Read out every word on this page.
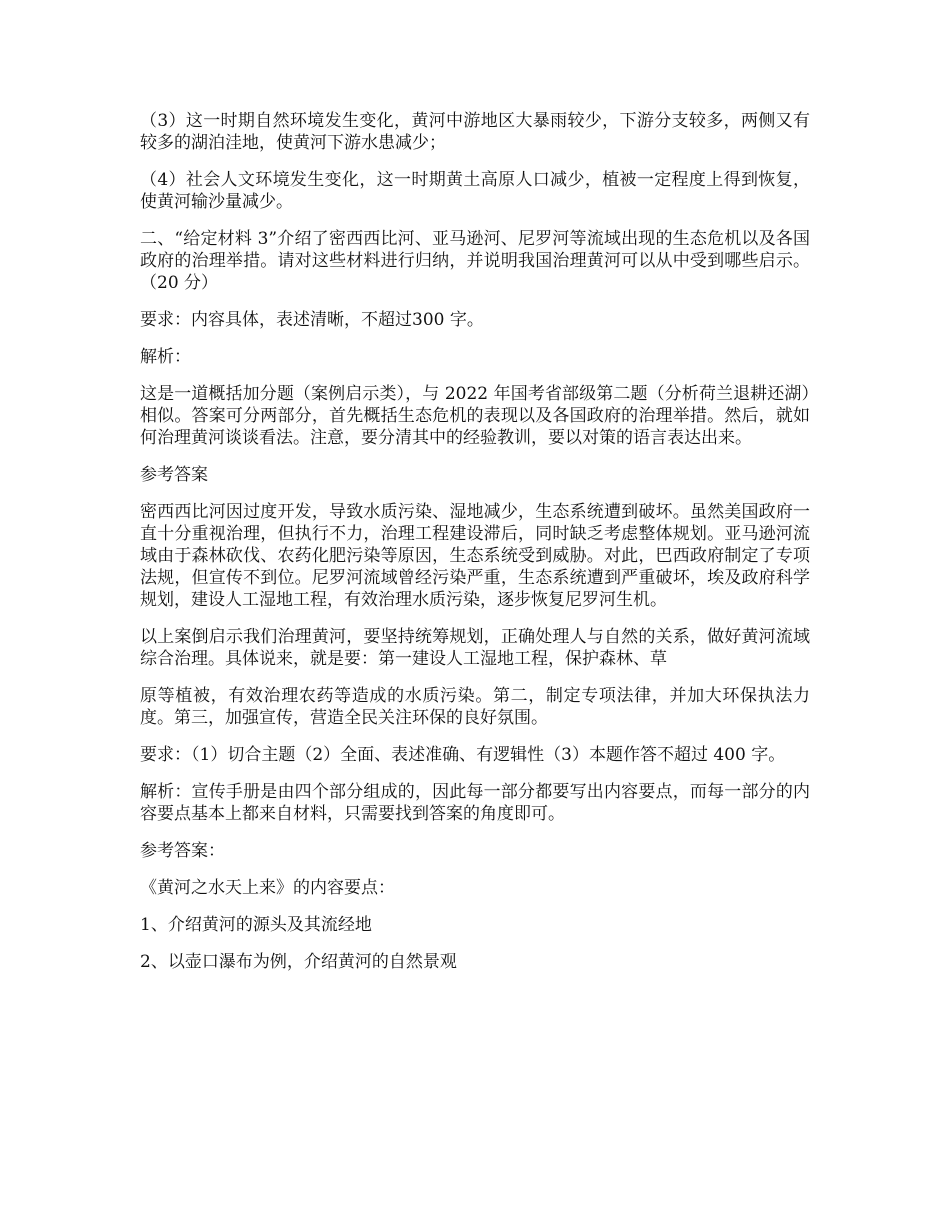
（3）这一时期自然环境发生变化，黄河中游地区大暴雨较少，下游分支较多，两侧又有较多的湖泊洼地，使黄河下游水患减少；

（4）社会人文环境发生变化，这一时期黄土高原人口减少，植被一定程度上得到恢复，使黄河输沙量减少。

二、“给定材料 3”介绍了密西西比河、亚马逊河、尼罗河等流域出现的生态危机以及各国政府的治理举措。请对这些材料进行归纳，并说明我国治理黄河可以从中受到哪些启示。（20 分）

要求：内容具体，表述清晰，不超过300 字。

解析：

这是一道概括加分题（案例启示类），与 2022 年国考省部级第二题（分析荷兰退耕还湖）相似。答案可分两部分，首先概括生态危机的表现以及各国政府的治理举措。然后，就如何治理黄河谈谈看法。注意，要分清其中的经验教训，要以对策的语言表达出来。

参考答案

密西西比河因过度开发，导致水质污染、湿地减少，生态系统遭到破坏。虽然美国政府一直十分重视治理，但执行不力，治理工程建设滞后，同时缺乏考虑整体规划。亚马逊河流域由于森林砍伐、农药化肥污染等原因，生态系统受到威胁。对此，巴西政府制定了专项法规，但宣传不到位。尼罗河流域曾经污染严重，生态系统遭到严重破坏，埃及政府科学规划，建设人工湿地工程，有效治理水质污染，逐步恢复尼罗河生机。

以上案倒启示我们治理黄河，要坚持统筹规划，正确处理人与自然的关系，做好黄河流域综合治理。具体说来，就是要：第一建设人工湿地工程，保护森林、草

原等植被，有效治理农药等造成的水质污染。第二，制定专项法律，并加大环保执法力度。第三，加强宣传，营造全民关注环保的良好氛围。

要求：（1）切合主题（2）全面、表述准确、有逻辑性（3）本题作答不超过 400 字。

解析：宣传手册是由四个部分组成的，因此每一部分都要写出内容要点，而每一部分的内容要点基本上都来自材料，只需要找到答案的角度即可。

参考答案：

《黄河之水天上来》的内容要点：

1、介绍黄河的源头及其流经地

2、以壶口瀑布为例，介绍黄河的自然景观
